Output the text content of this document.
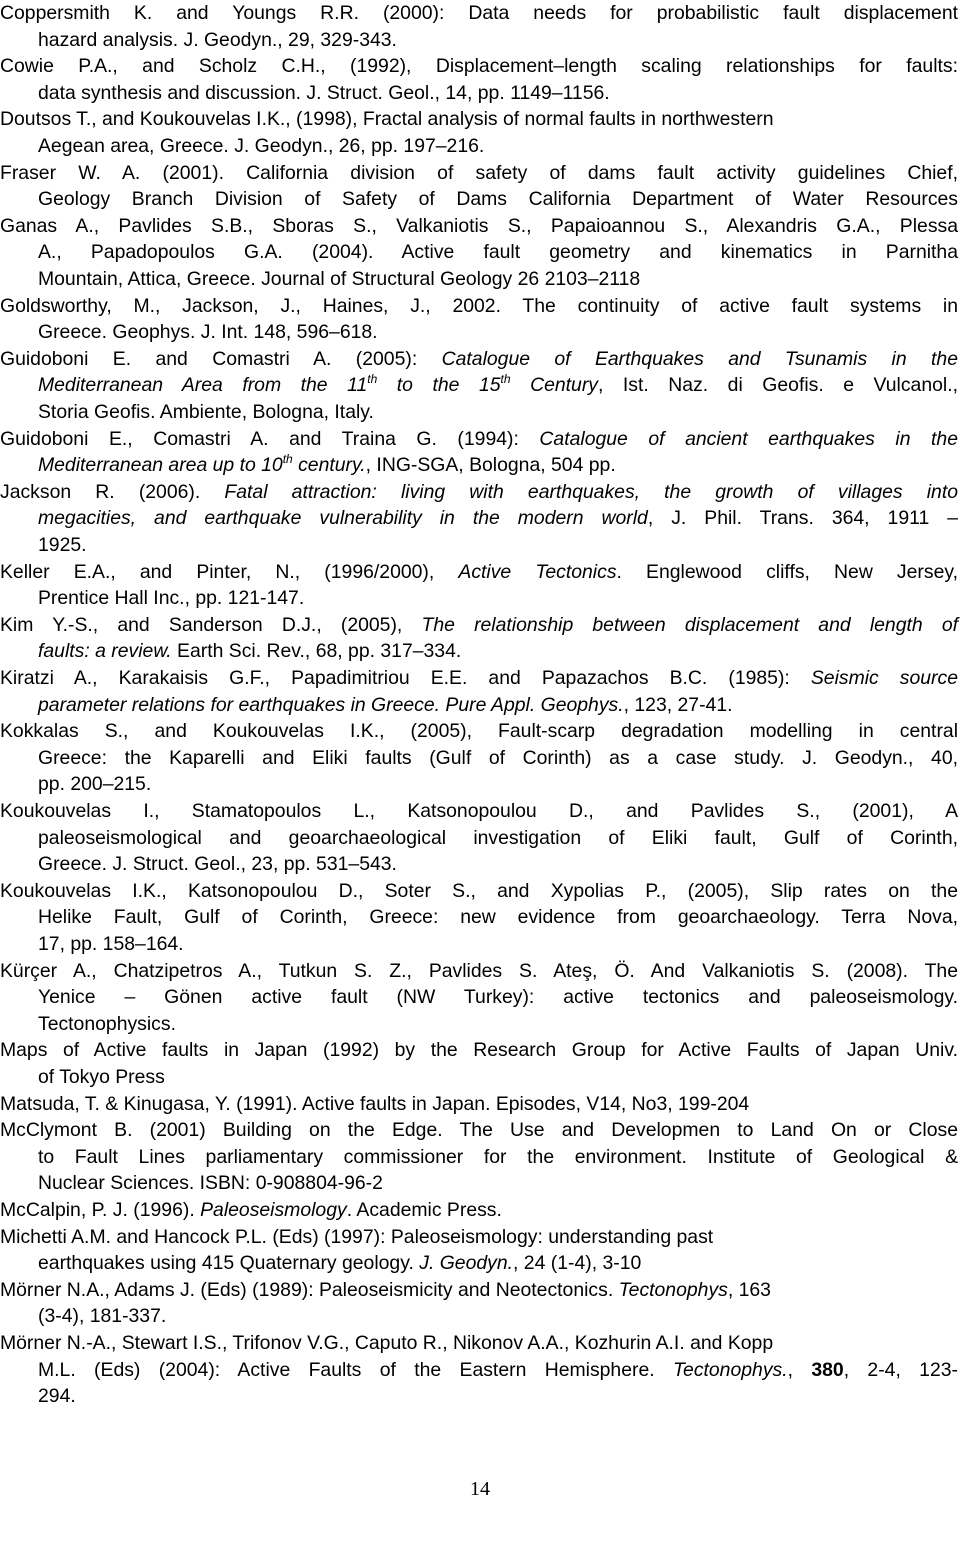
Coppersmith K. and Youngs R.R. (2000): Data needs for probabilistic fault displacement
hazard analysis. J. Geodyn., 29, 329-343.
Cowie P.A., and Scholz C.H., (1992), Displacement–length scaling relationships for faults:
data synthesis and discussion. J. Struct. Geol., 14, pp. 1149–1156.
Doutsos T., and Koukouvelas I.K., (1998), Fractal analysis of normal faults in northwestern
Aegean area, Greece. J. Geodyn., 26, pp. 197–216.
Fraser W. A. (2001). California division of safety of dams fault activity guidelines Chief,
Geology Branch Division of Safety of Dams California Department of Water Resources
Ganas A., Pavlides S.B., Sboras S., Valkaniotis S., Papaioannou S., Alexandris G.A., Plessa
A., Papadopoulos G.A. (2004). Active fault geometry and kinematics in Parnitha
Mountain, Attica, Greece. Journal of Structural Geology 26 2103–2118
Goldsworthy, M., Jackson, J., Haines, J., 2002. The continuity of active fault systems in
Greece. Geophys. J. Int. 148, 596–618.
Guidoboni E. and Comastri A. (2005): Catalogue of Earthquakes and Tsunamis in the
Mediterranean Area from the 11th to the 15th Century, Ist. Naz. di Geofis. e Vulcanol.,
Storia Geofis. Ambiente, Bologna, Italy.
Guidoboni E., Comastri A. and Traina G. (1994): Catalogue of ancient earthquakes in the
Mediterranean area up to 10th century., ING-SGA, Bologna, 504 pp.
Jackson R. (2006). Fatal attraction: living with earthquakes, the growth of villages into
megacities, and earthquake vulnerability in the modern world, J. Phil. Trans. 364, 1911 –
1925.
Keller E.A., and Pinter, N., (1996/2000), Active Tectonics. Englewood cliffs, New Jersey,
Prentice Hall Inc., pp. 121-147.
Kim Y.-S., and Sanderson D.J., (2005), The relationship between displacement and length of
faults: a review. Earth Sci. Rev., 68, pp. 317–334.
Kiratzi A., Karakaisis G.F., Papadimitriou E.E. and Papazachos B.C. (1985): Seismic source
parameter relations for earthquakes in Greece. Pure Appl. Geophys., 123, 27-41.
Kokkalas S., and Koukouvelas I.K., (2005), Fault-scarp degradation modelling in central
Greece: the Kaparelli and Eliki faults (Gulf of Corinth) as a case study. J. Geodyn., 40,
pp. 200–215.
Koukouvelas I., Stamatopoulos L., Katsonopoulou D., and Pavlides S., (2001), A
paleoseismological and geoarchaeological investigation of Eliki fault, Gulf of Corinth,
Greece. J. Struct. Geol., 23, pp. 531–543.
Koukouvelas I.K., Katsonopoulou D., Soter S., and Xypolias P., (2005), Slip rates on the
Helike Fault, Gulf of Corinth, Greece: new evidence from geoarchaeology. Terra Nova,
17, pp. 158–164.
Kürçer A., Chatzipetros A., Tutkun S. Z., Pavlides S. Ateş, Ö. And Valkaniotis S. (2008). The
Yenice – Gönen active fault (NW Turkey): active tectonics and paleoseismology.
Tectonophysics.
Maps of Active faults in Japan (1992) by the Research Group for Active Faults of Japan Univ.
of Tokyo Press
Matsuda, T. & Kinugasa, Y. (1991). Active faults in Japan. Episodes, V14, No3, 199-204
McClymont B. (2001) Building on the Edge. The Use and Developmen to Land On or Close
to Fault Lines parliamentary commissioner for the environment. Institute of Geological &
Nuclear Sciences. ISBN: 0-908804-96-2
McCalpin, P. J. (1996). Paleoseismology. Academic Press.
Michetti A.M. and Hancock P.L. (Eds) (1997): Paleoseismology: understanding past
earthquakes using 415 Quaternary geology. J. Geodyn., 24 (1-4), 3-10
Mörner N.A., Adams J. (Eds) (1989): Paleoseismicity and Neotectonics. Tectonophys, 163
(3-4), 181-337.
Mörner N.-A., Stewart I.S., Trifonov V.G., Caputo R., Nikonov A.A., Kozhurin A.I. and Kopp
M.L. (Eds) (2004): Active Faults of the Eastern Hemisphere. Tectonophys., 380, 2-4, 123-
294.
14
